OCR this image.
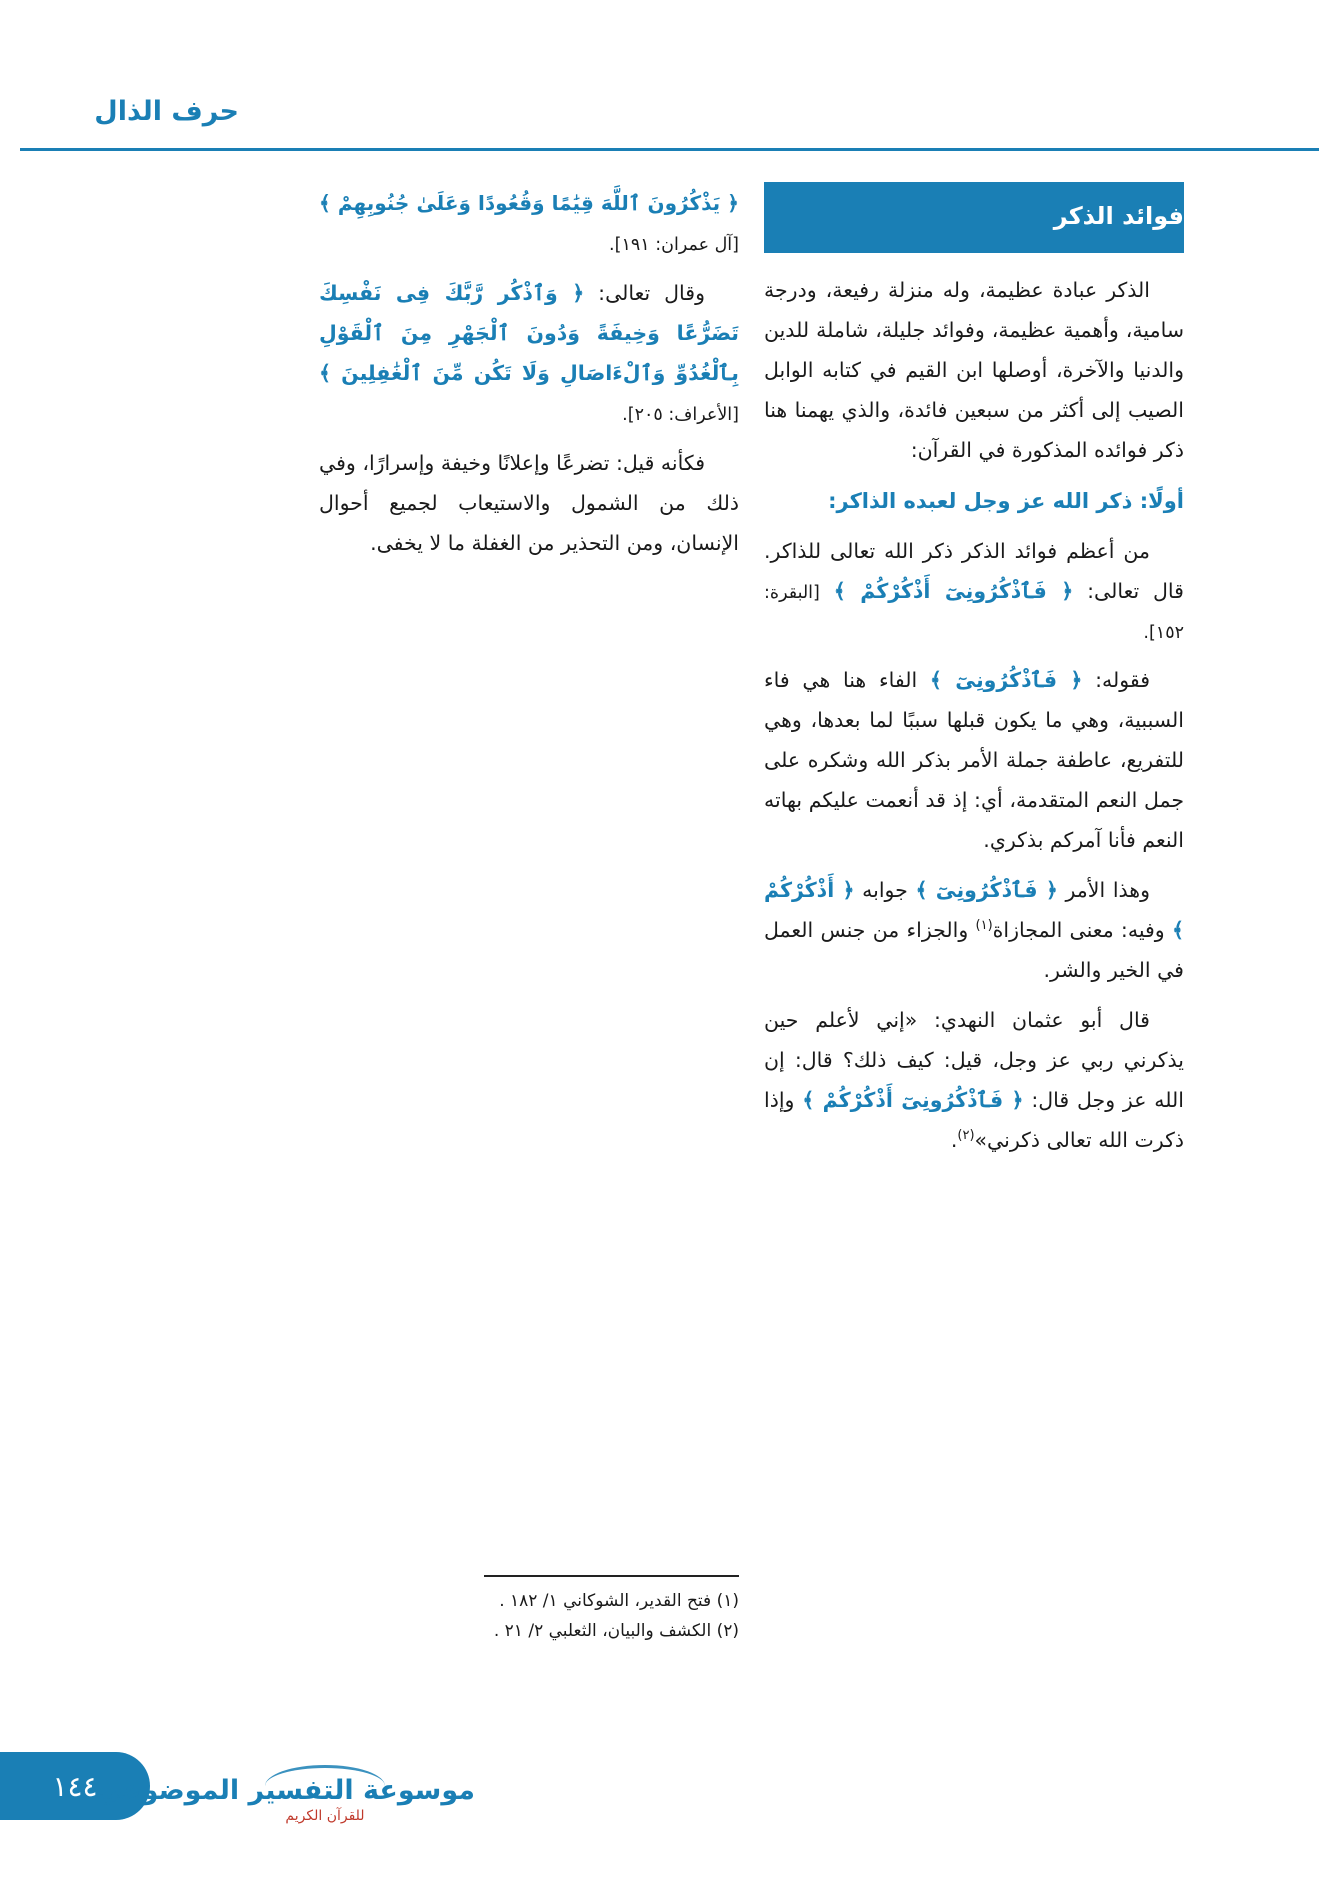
حرف الذال

﴿ يَذْكُرُونَ ٱللَّهَ قِيَٰمًا وَقُعُودًا وَعَلَىٰ جُنُوبِهِمْ ﴾ [آل عمران: ١٩١].

وقال تعالى: ﴿ وَٱذْكُر رَّبَّكَ فِى نَفْسِكَ تَضَرُّعًا وَخِيفَةً وَدُونَ ٱلْجَهْرِ مِنَ ٱلْقَوْلِ بِٱلْغُدُوِّ وَٱلْءَاصَالِ وَلَا تَكُن مِّنَ ٱلْغَٰفِلِينَ ﴾ [الأعراف: ٢٠٥].

فكأنه قيل: تضرعًا وإعلانًا وخيفة وإسرارًا، وفي ذلك من الشمول والاستيعاب لجميع أحوال الإنسان، ومن التحذير من الغفلة ما لا يخفى.

فوائد الذكر

الذكر عبادة عظيمة، وله منزلة رفيعة، ودرجة سامية، وأهمية عظيمة، وفوائد جليلة، شاملة للدين والدنيا والآخرة، أوصلها ابن القيم في كتابه الوابل الصيب إلى أكثر من سبعين فائدة، والذي يهمنا هنا ذكر فوائده المذكورة في القرآن:

أولًا: ذكر الله عز وجل لعبده الذاكر:

من أعظم فوائد الذكر ذكر الله تعالى للذاكر. قال تعالى: ﴿ فَٱذْكُرُونِىٓ أَذْكُرْكُمْ ﴾ [البقرة: ١٥٢].

فقوله: ﴿ فَٱذْكُرُونِىٓ ﴾ الفاء هنا هي فاء السببية، وهي ما يكون قبلها سببًا لما بعدها، وهي للتفريع، عاطفة جملة الأمر بذكر الله وشكره على جمل النعم المتقدمة، أي: إذ قد أنعمت عليكم بهاته النعم فأنا آمركم بذكري.

وهذا الأمر ﴿ فَٱذْكُرُونِىٓ ﴾ جوابه ﴿ أَذْكُرْكُمْ ﴾ وفيه: معنى المجازاة$^{(١)}$ والجزاء من جنس العمل في الخير والشر.

قال أبو عثمان النهدي: «إني لأعلم حين يذكرني ربي عز وجل، قيل: كيف ذلك؟ قال: إن الله عز وجل قال: ﴿ فَٱذْكُرُونِىٓ أَذْكُرْكُمْ ﴾ وإذا ذكرت الله تعالى ذكرني»$^{(٢)}$.

(١) فتح القدير، الشوكاني ١/ ١٨٢ .
(٢) الكشف والبيان، الثعلبي ٢/ ٢١ .
١٤٤
موسوعة التفسير الموضوعي
للقرآن الكريم
